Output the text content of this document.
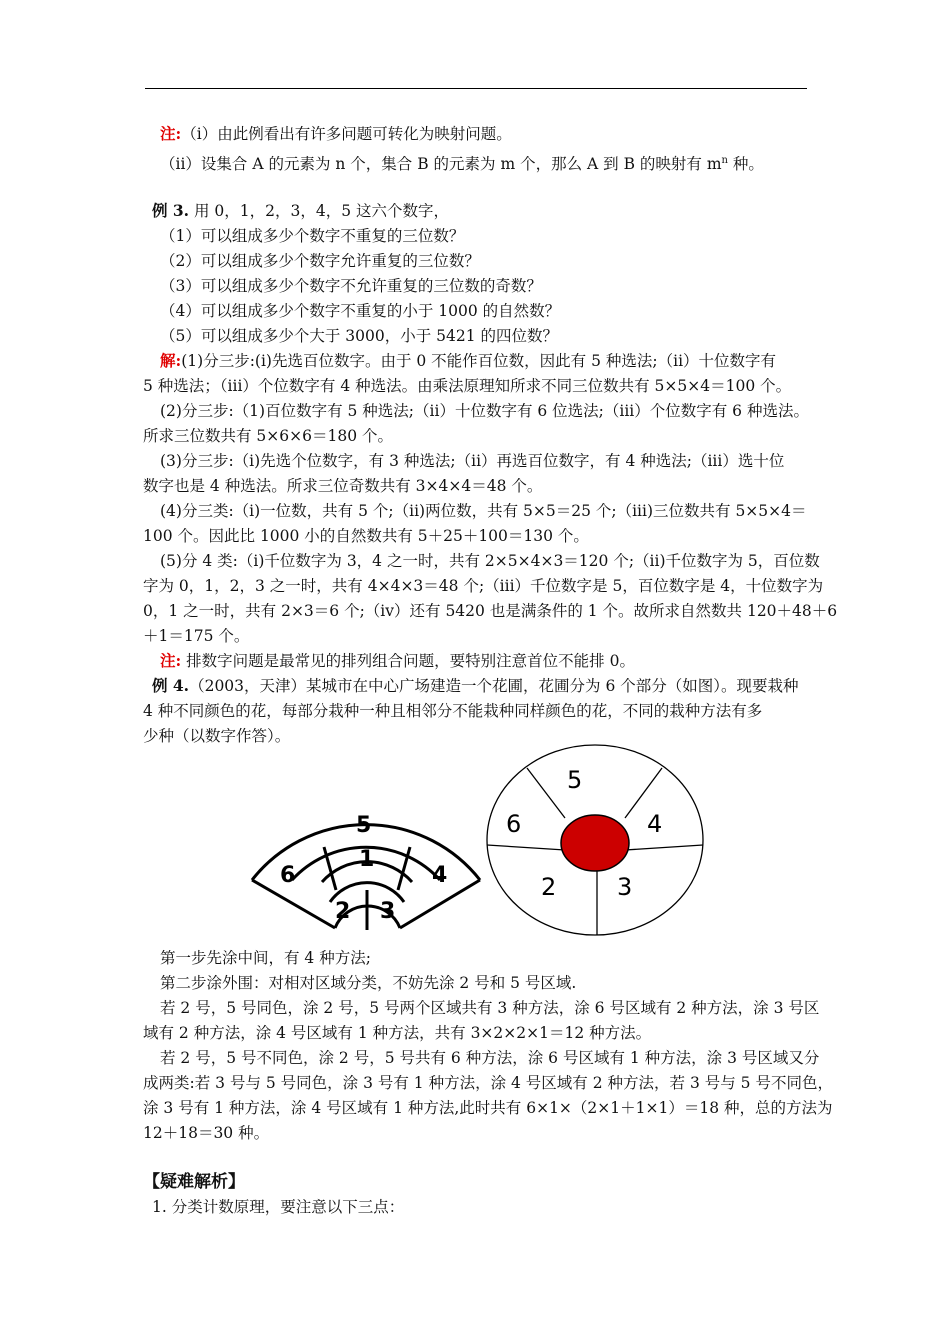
注:（i）由此例看出有许多问题可转化为映射问题。
（ii）设集合 A 的元素为 n 个，集合 B 的元素为 m 个，那么 A 到 B 的映射有 $m^n$ 种。
例 3. 用 0，1，2，3，4，5 这六个数字，
（1）可以组成多少个数字不重复的三位数？
（2）可以组成多少个数字允许重复的三位数？
（3）可以组成多少个数字不允许重复的三位数的奇数？
（4）可以组成多少个数字不重复的小于 1000 的自然数？
（5）可以组成多少个大于 3000，小于 5421 的四位数？
解:(1)分三步:(i)先选百位数字。由于 0 不能作百位数，因此有 5 种选法;（ii）十位数字有
5 种选法；（iii）个位数字有 4 种选法。由乘法原理知所求不同三位数共有 5×5×4＝100 个。
(2)分三步:（1)百位数字有 5 种选法;（ii）十位数字有 6 位选法;（iii）个位数字有 6 种选法。
所求三位数共有 5×6×6＝180 个。
(3)分三步:（i)先选个位数字，有 3 种选法;（ii）再选百位数字，有 4 种选法;（iii）选十位
数字也是 4 种选法。所求三位奇数共有 3×4×4＝48 个。
(4)分三类:（i)一位数，共有 5 个;（ii)两位数，共有 5×5＝25 个;（iii)三位数共有 5×5×4＝
100 个。因此比 1000 小的自然数共有 5＋25＋100＝130 个。
(5)分 4 类:（i)千位数字为 3，4 之一时，共有 2×5×4×3＝120 个;（ii)千位数字为 5，百位数
字为 0，1，2，3 之一时，共有 4×4×3＝48 个;（iii）千位数字是 5，百位数字是 4，十位数字为
0，1 之一时，共有 2×3＝6 个;（iv）还有 5420 也是满条件的 1 个。故所求自然数共 120＋48＋6
＋1＝175 个。
注: 排数字问题是最常见的排列组合问题，要特别注意首位不能排 0。
例 4.（2003，天津）某城市在中心广场建造一个花圃，花圃分为 6 个部分（如图）。现要栽种
4 种不同颜色的花，每部分栽种一种且相邻分不能栽种同样颜色的花，不同的栽种方法有多
少种（以数字作答）。
5
1
6	4
2 3
5
6	4
2	3
第一步先涂中间，有 4 种方法;
第二步涂外围：对相对区域分类，不妨先涂 2 号和 5 号区域.
若 2 号，5 号同色，涂 2 号，5 号两个区域共有 3 种方法，涂 6 号区域有 2 种方法，涂 3 号区
域有 2 种方法，涂 4 号区域有 1 种方法，共有 3×2×2×1＝12 种方法。
若 2 号，5 号不同色，涂 2 号，5 号共有 6 种方法，涂 6 号区域有 1 种方法，涂 3 号区域又分
成两类:若 3 号与 5 号同色，涂 3 号有 1 种方法，涂 4 号区域有 2 种方法，若 3 号与 5 号不同色，
涂 3 号有 1 种方法，涂 4 号区域有 1 种方法,此时共有 6×1×（2×1＋1×1）＝18 种，总的方法为
12＋18＝30 种。
【疑难解析】
1. 分类计数原理，要注意以下三点：
